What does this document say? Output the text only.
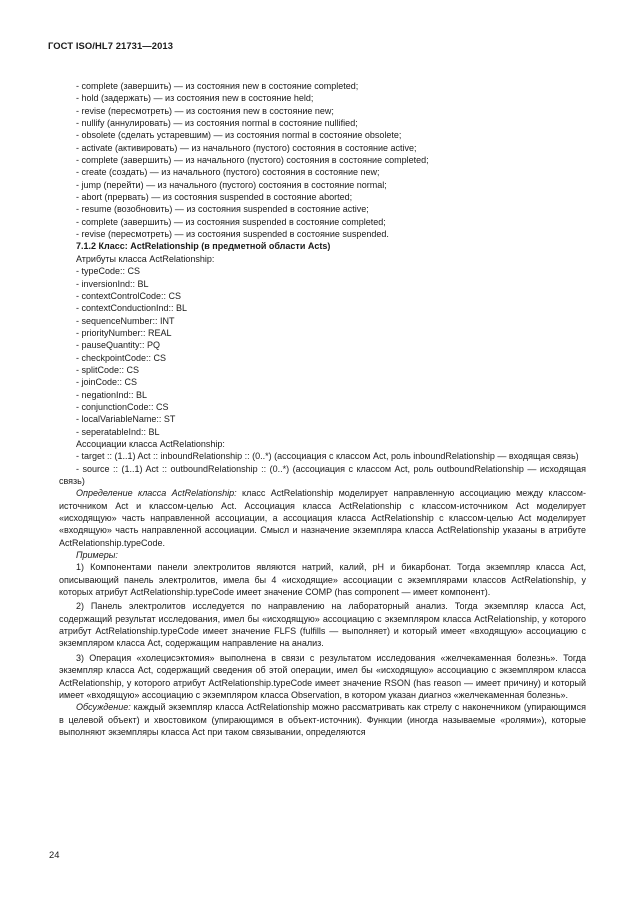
ГОСТ ISO/HL7 21731—2013
- complete (завершить) — из состояния new в состояние completed;
- hold (задержать) — из состояния new в состояние held;
- revise (пересмотреть) — из состояния new в состояние new;
- nullify (аннулировать) — из состояния normal в состояние nullified;
- obsolete (сделать устаревшим) — из состояния normal в состояние obsolete;
- activate (активировать) — из начального (пустого) состояния в состояние active;
- complete (завершить) — из начального (пустого) состояния в состояние completed;
- create (создать) — из начального (пустого) состояния в состояние new;
- jump (перейти) — из начального (пустого) состояния в состояние normal;
- abort (прервать) — из состояния suspended в состояние aborted;
- resume (возобновить) — из состояния suspended в состояние active;
- complete (завершить) — из состояния suspended в состояние completed;
- revise (пересмотреть) — из состояния suspended в состояние suspended.
7.1.2 Класс: ActRelationship (в предметной области Acts)
Атрибуты класса ActRelationship:
- typeCode:: CS
- inversionInd:: BL
- contextControlCode:: CS
- contextConductionInd:: BL
- sequenceNumber:: INT
- priorityNumber:: REAL
- pauseQuantity:: PQ
- checkpointCode:: CS
- splitCode:: CS
- joinCode:: CS
- negationInd:: BL
- conjunctionCode:: CS
- localVariableName:: ST
- seperatableInd:: BL
Ассоциации класса ActRelationship:

- target :: (1..1) Act :: inboundRelationship :: (0..*) (ассоциация с классом Act, роль inboundRelationship — входящая связь)

- source :: (1..1) Act :: outboundRelationship :: (0..*) (ассоциация с классом Act, роль outboundRelationship — исходящая связь)

Определение класса ActRelationship: класс ActRelationship моделирует направленную ассоциацию между классом-источником Act и классом-целью Act. Ассоциация класса ActRelationship с классом-источником Act моделирует «исходящую» часть направленной ассоциации, а ассоциация класса ActRelationship с классом-целью Act моделирует «входящую» часть направленной ассоциации. Смысл и назначение экземпляра класса ActRelationship указаны в атрибуте ActRelationship.typeCode.

Примеры:

1) Компонентами панели электролитов являются натрий, калий, pH и бикарбонат. Тогда экземпляр класса Act, описывающий панель электролитов, имела бы 4 «исходящие» ассоциации с экземплярами классов ActRelationship, у которых атрибут ActRelationship.typeCode имеет значение COMP (has component — имеет компонент).

2) Панель электролитов исследуется по направлению на лабораторный анализ. Тогда экземпляр класса Act, содержащий результат исследования, имел бы «исходящую» ассоциацию с экземпляром класса ActRelationship, у которого атрибут ActRelationship.typeCode имеет значение FLFS (fulfills — выполняет) и который имеет «входящую» ассоциацию с экземпляром класса Act, содержащим направление на анализ.

3) Операция «холецисэктомия» выполнена в связи с результатом исследования «желчекаменная болезнь». Тогда экземпляр класса Act, содержащий сведения об этой операции, имел бы «исходящую» ассоциацию с экземпляром класса ActRelationship, у которого атрибут ActRelationship.typeCode имеет значение RSON (has reason — имеет причину) и который имеет «входящую» ассоциацию с экземпляром класса Observation, в котором указан диагноз «желчекаменная болезнь».

Обсуждение: каждый экземпляр класса ActRelationship можно рассматривать как стрелу с наконечником (упирающимся в целевой объект) и хвостовиком (упирающимся в объект-источник). Функции (иногда называемые «ролями»), которые выполняют экземпляры класса Act при таком связывании, определяются

24
